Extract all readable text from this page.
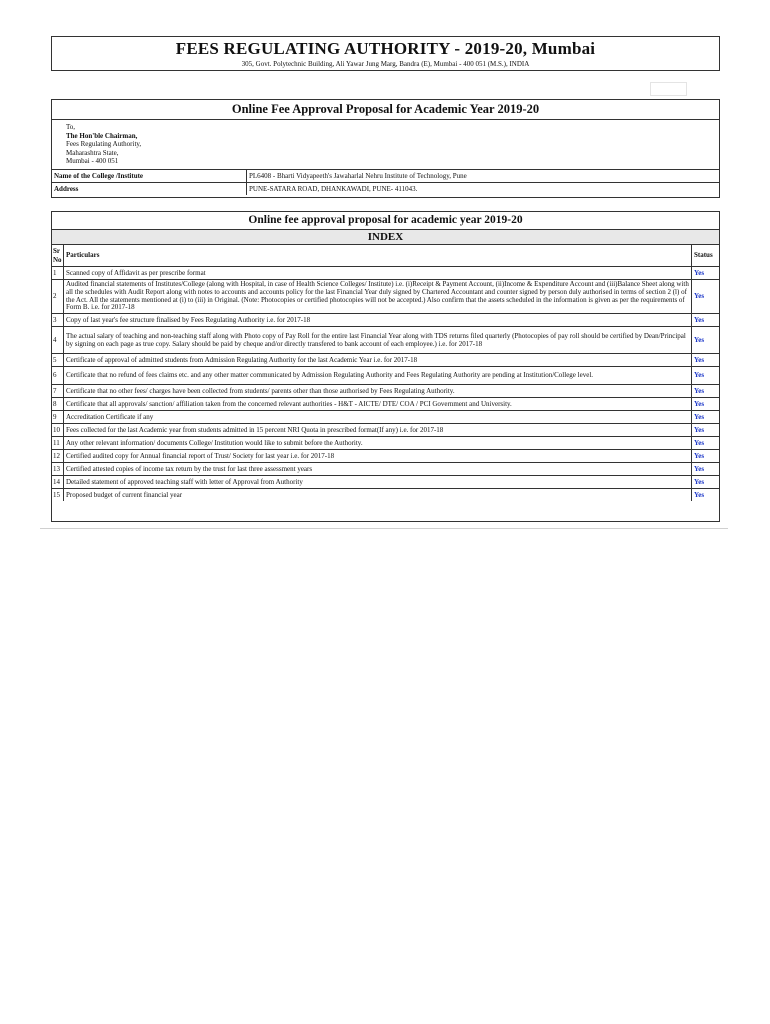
FEES REGULATING AUTHORITY - 2019-20, Mumbai
305, Govt. Polytechnic Building, Ali Yawar Jung Marg, Bandra (E), Mumbai - 400 051 (M.S.), INDIA
Online Fee Approval Proposal for Academic Year 2019-20
To,
The Hon'ble Chairman,
Fees Regulating Authority,
Maharashtra State,
Mumbai - 400 051
Name of the College /Institute	PL6408 - Bharti Vidyapeeth's Jawaharlal Nehru Institute of Technology, Pune
Address	PUNE-SATARA ROAD, DHANKAWADI, PUNE- 411043.
Online fee approval proposal for academic year 2019-20
INDEX
Sr No	Particulars	Status
1	Scanned copy of Affidavit as per prescribe format	Yes
2	Audited financial statements of Institutes/College (along with Hospital, in case of Health Science Colleges/ Institute) i.e. (i)Receipt & Payment Account, (ii)Income & Expenditure Account and (iii)Balance Sheet along with all the schedules with Audit Report along with notes to accounts and accounts policy for the last Financial Year duly signed by Chartered Accountant and counter signed by person duly authorised in terms of section 2 (l) of the Act. All the statements mentioned at (i) to (iii) in Original. (Note: Photocopies or certified photocopies will not be accepted.) Also confirm that the assets scheduled in the information is given as per the requirements of Form B. i.e. for 2017-18	Yes
3	Copy of last year's fee structure finalised by Fees Regulating Authority i.e. for 2017-18	Yes
4	The actual salary of teaching and non-teaching staff along with Photo copy of Pay Roll for the entire last Financial Year along with TDS returns filed quarterly (Photocopies of pay roll should be certified by Dean/Principal by signing on each page as true copy. Salary should be paid by cheque and/or directly transfered to bank account of each employee.) i.e. for 2017-18	Yes
5	Certificate of approval of admitted students from Admission Regulating Authority for the last Academic Year i.e. for 2017-18	Yes
6	Certificate that no refund of fees claims etc. and any other matter communicated by Admission Regulating Authority and Fees Regulating Authority are pending at Institution/College level.	Yes
7	Certificate that no other fees/ charges have been collected from students/ parents other than those authorised by Fees Regulating Authority.	Yes
8	Certificate that all approvals/ sanction/ affiliation taken from the concerned relevant authorities - H&T - AICTE/ DTE/ COA / PCI Government and University.	Yes
9	Accreditation Certificate if any	Yes
10	Fees collected for the last Academic year from students admitted in 15 percent NRI Quota in prescribed format(If any) i.e. for 2017-18	Yes
11	Any other relevant information/ documents College/ Institution would like to submit before the Authority.	Yes
12	Certified audited copy for Annual financial report of Trust/ Society for last year i.e. for 2017-18	Yes
13	Certified attested copies of income tax return by the trust for last three assessment years	Yes
14	Detailed statement of approved teaching staff with letter of Approval from Authority	Yes
15	Proposed budget of current financial year	Yes
